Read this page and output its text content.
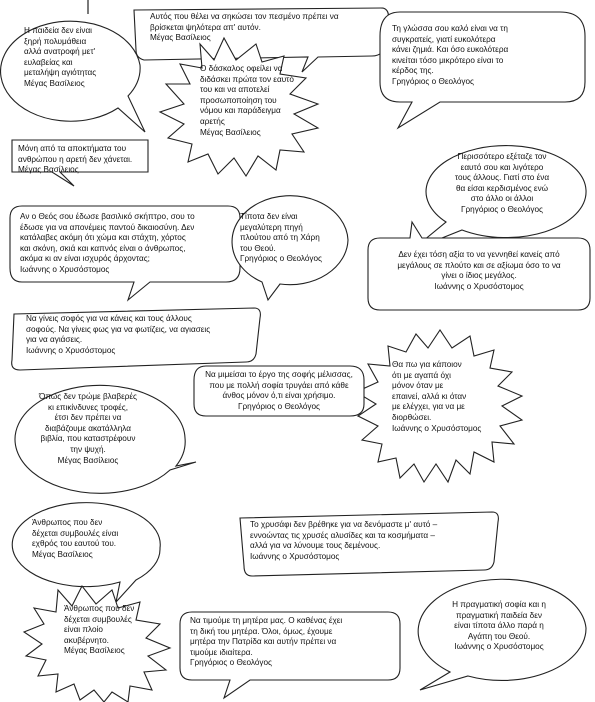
Η παιδεία δεν είναι
ξηρή πολυμάθεια
αλλά ανατροφή μετ'
ευλαβείας και
μεταλήψη αγιότητας
Μέγας Βασίλειος
Αυτός που θέλει να σηκώσει τον πεσμένο πρέπει να
βρίσκεται ψηλότερα απ' αυτόν.
Μέγας Βασίλειος
Ο δάσκαλος οφείλει να
διδάσκει πρώτα τον εαυτό
του και να αποτελεί
προσωποποίηση του
νόμου και παράδειγμα
αρετής
Μέγας Βασίλειος
Τη γλώσσα σου καλό είναι να τη
συγκρατείς, γιατί ευκολότερα
κάνει ζημιά. Και όσο ευκολότερα
κινείται τόσο μικρότερο είναι το
κέρδος της.
Γρηγόριος ο Θεολόγος
Μόνη από τα αποκτήματα του
ανθρώπου η αρετή δεν χάνεται.
Μέγας Βασίλειος
Περισσότερο εξέταζε τον
εαυτό σου και λιγότερο
τους άλλους. Γιατί στο ένα
θα είσαι κερδισμένος ενώ
στο άλλο οι άλλοι
Γρηγόριος ο Θεολόγος
Αν ο Θεός σου έδωσε βασιλικό σκήπτρο, σου το
έδωσε για να απονέμεις παντού δικαιοσύνη. Δεν
κατάλαβες ακόμη ότι χώμα και στάχτη, χόρτος
και σκόνη, σκιά και καπνός είναι ο άνθρωπος,
ακόμα κι αν είναι ισχυρός άρχοντας;
Ιωάννης ο Χρυσόστομος
Τίποτα δεν είναι
μεγαλύτερη πηγή
πλούτου από τη Χάρη
του Θεού.
Γρηγόριος ο Θεολόγος	Δεν έχει τόση αξία το να γεννηθεί κανείς από
μεγάλους σε πλούτο και σε αξίωμα όσο το να
γίνει ο ίδιος μεγάλος.
Ιωάννης ο Χρυσόστομος
Να γίνεις σοφός για να κάνεις και τους άλλους
σοφούς. Να γίνεις φως για να φωτίζεις, να αγιασεις
για να αγιάσεις.
Ιωάννης ο Χρυσόστομος
Θα πω για κάποιον
ότι με αγαπά όχι
μόνον όταν με
επαινεί, αλλά κι όταν
με ελέγχει, για να με
διορθώσει.
Ιωάννης ο Χρυσόστομος
Να μιμείσαι το έργο της σοφής μέλισσας,
που με πολλή σοφία τρυγάει από κάθε
άνθος μόνον ό,τι είναι χρήσιμο.
Γρηγόριος ο Θεολόγος
Όπως δεν τρώμε βλαβερές
κι επικίνδυνες τροφές,
έτσι δεν πρέπει να
διαβάζουμε ακατάλληλα
βιβλία, που καταστρέφουν
την ψυχή.
Μέγας Βασίλειος
Άνθρωπος που δεν
δέχεται συμβουλές είναι
εχθρός του εαυτού του.
Μέγας Βασίλειος
Το χρυσάφι δεν βρέθηκε για να δενόμαστε μ' αυτό –
εννοώντας τις χρυσές αλυσίδες και τα κοσμήματα –
αλλά για να λύνουμε τους δεμένους.
Ιωάννης ο Χρυσόστομος
Άνθρωπος που δεν
δέχεται συμβουλές
είναι πλοίο
ακυβέρνητο.
Μέγας Βασίλειος
Να τιμούμε τη μητέρα μας. Ο καθένας έχει
τη δική του μητέρα. Όλοι, όμως, έχουμε
μητέρα την Πατρίδα και αυτήν πρέπει να
τιμούμε ιδιαίτερα.
Γρηγόριος ο Θεολόγος
Η πραγματική σοφία και η
πραγματική παιδεία δεν
είναι τίποτα άλλο παρά η
Αγάπη του Θεού.
Ιωάννης ο Χρυσόστομος
